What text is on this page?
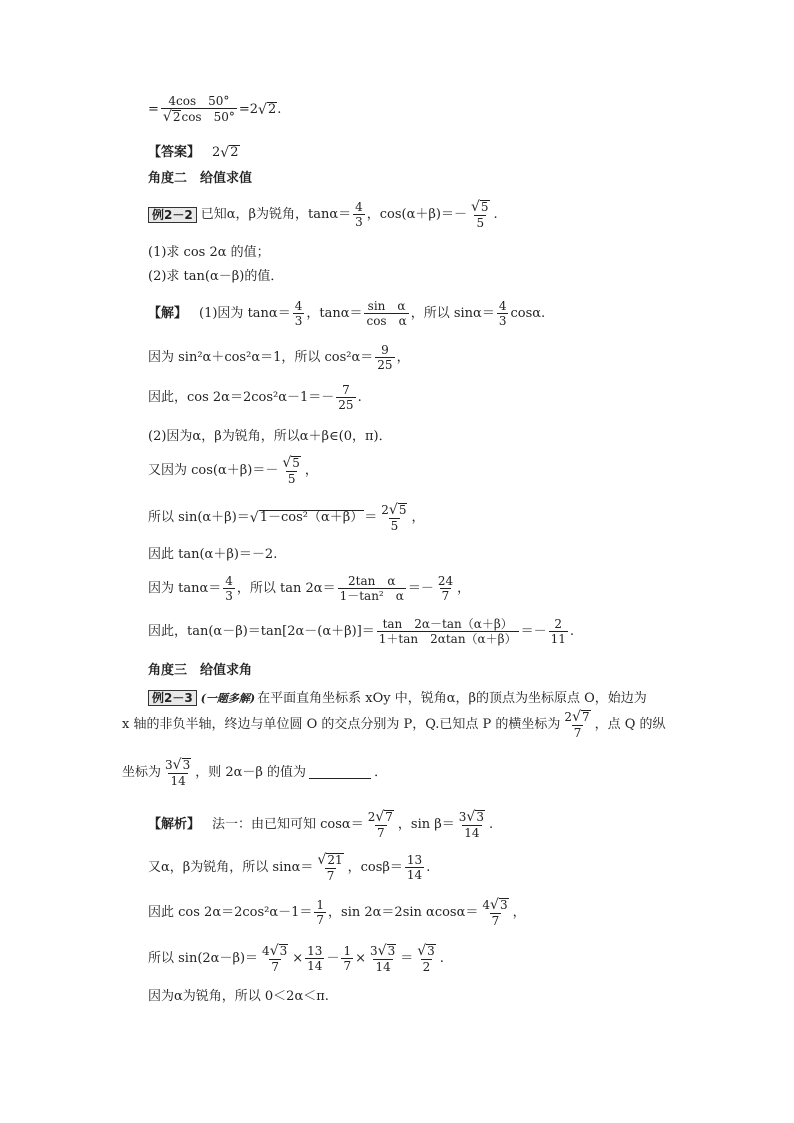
= $\frac{4\cos 50^\circ}{√ 2 \cos 50^\circ} =2$ √ 2 .
【答案】 2 √ 2
角度二　给值求值
例2－2 已知α，β为锐角，$\tan\alpha= \frac{4}{3}$ ，$\cos(\alpha+\beta)=- \frac{√ 5}{5}$ .
(1)求 cos 2α 的值；
(2)求 tan(α－β)的值．
【解】 (1)因为 $\tan\alpha= \frac{4}{3}$ ，$\tan\alpha= \frac{\text{sin　α}}{\text{cos　α}}$ ，所以 $\sin\alpha= \frac{4}{3} \cos\alpha$.
因为 sin²α＋cos²α＝1，所以 $\cos^2\alpha= \frac{9}{25}$ ，
因此，$\cos 2\alpha=2\cos^2\alpha-1=- \frac{7}{25}$ .
(2)因为α，β为锐角，所以α＋β∈(0，π)．
又因为 $\cos(\alpha+\beta)=- \frac{√ 5}{5}$ ，
所以 sin(α＋β)＝ √ $1-\cos^2(\alpha+\beta) = \frac{2 √ 5}{5}$ ，
因此 tan(α＋β)＝－2.
因为 $\tan\alpha= \frac{4}{3}$ ，所以 $\tan 2\alpha= \frac{\text{2tan　α}}{\text{1－tan²　α}} =- \frac{24}{7}$ ，
因此，$\tan(\alpha-\beta)=\tan[2\alpha-(\alpha+\beta)]= \frac{\tan 2\alpha-\tan(\alpha+\beta)}{1+\tan 2\alpha\tan(\alpha+\beta)} =- \frac{2}{11}$ .
角度三　给值求角
例2－3 (一题多解) 在平面直角坐标系 xOy 中，锐角α，β的顶点为坐标原点 O，始边为
x 轴的非负半轴，终边与单位圆 O 的交点分别为 P，Q.已知点 P 的横坐标为 $\frac{2 √ 7}{7}$ ，点 Q 的纵
坐标为 $\frac{3 √ 3}{14}$ ，则 2α－β 的值为	．
【解析】 法一：由已知可知 $\cos\alpha= \frac{2 √ 7}{7}$ ，$\sin \beta= \frac{3 √ 3}{14}$ .
又α，β为锐角，所以 $\sin\alpha= \frac{√ 21}{7}$ ，$\cos\beta= \frac{13}{14}$ .
因此 $\cos 2\alpha=2\cos^2\alpha-1= \frac{1}{7}$ ，sin 2α＝2sin $\alpha\cos\alpha= \frac{4 √ 3}{7}$ ，
所以 $\sin(2\alpha-\beta)= \frac{4 √ 3}{7} \times \frac{13}{14} - \frac{1}{7} \times \frac{3 √ 3}{14} = \frac{√ 3}{2}$ .
因为α为锐角，所以 0＜2α＜π.
